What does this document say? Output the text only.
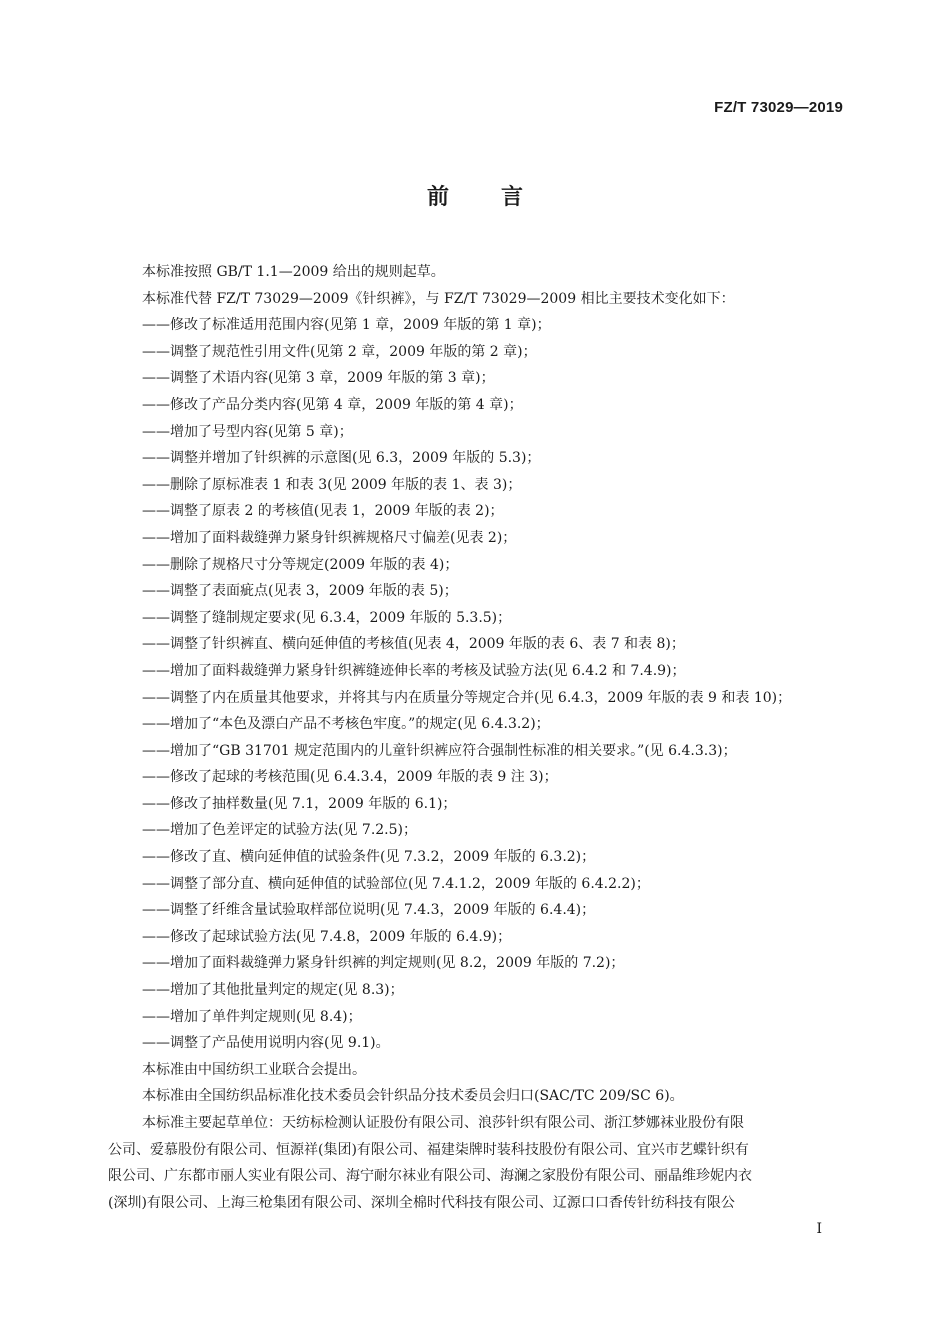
FZ/T 73029—2019
前言

本标准按照 GB/T 1.1—2009 给出的规则起草。

本标准代替 FZ/T 73029—2009《针织裤》，与 FZ/T 73029—2009 相比主要技术变化如下：

——修改了标准适用范围内容(见第 1 章，2009 年版的第 1 章)；

——调整了规范性引用文件(见第 2 章，2009 年版的第 2 章)；

——调整了术语内容(见第 3 章，2009 年版的第 3 章)；

——修改了产品分类内容(见第 4 章，2009 年版的第 4 章)；

——增加了号型内容(见第 5 章)；

——调整并增加了针织裤的示意图(见 6.3，2009 年版的 5.3)；

——删除了原标准表 1 和表 3(见 2009 年版的表 1、表 3)；

——调整了原表 2 的考核值(见表 1，2009 年版的表 2)；

——增加了面料裁缝弹力紧身针织裤规格尺寸偏差(见表 2)；

——删除了规格尺寸分等规定(2009 年版的表 4)；

——调整了表面疵点(见表 3，2009 年版的表 5)；

——调整了缝制规定要求(见 6.3.4，2009 年版的 5.3.5)；

——调整了针织裤直、横向延伸值的考核值(见表 4，2009 年版的表 6、表 7 和表 8)；

——增加了面料裁缝弹力紧身针织裤缝迹伸长率的考核及试验方法(见 6.4.2 和 7.4.9)；

——调整了内在质量其他要求，并将其与内在质量分等规定合并(见 6.4.3，2009 年版的表 9 和表 10)；

——增加了“本色及漂白产品不考核色牢度。”的规定(见 6.4.3.2)；

——增加了“GB 31701 规定范围内的儿童针织裤应符合强制性标准的相关要求。”(见 6.4.3.3)；

——修改了起球的考核范围(见 6.4.3.4，2009 年版的表 9 注 3)；

——修改了抽样数量(见 7.1，2009 年版的 6.1)；

——增加了色差评定的试验方法(见 7.2.5)；

——修改了直、横向延伸值的试验条件(见 7.3.2，2009 年版的 6.3.2)；

——调整了部分直、横向延伸值的试验部位(见 7.4.1.2，2009 年版的 6.4.2.2)；

——调整了纤维含量试验取样部位说明(见 7.4.3，2009 年版的 6.4.4)；

——修改了起球试验方法(见 7.4.8，2009 年版的 6.4.9)；

——增加了面料裁缝弹力紧身针织裤的判定规则(见 8.2，2009 年版的 7.2)；

——增加了其他批量判定的规定(见 8.3)；

——增加了单件判定规则(见 8.4)；

——调整了产品使用说明内容(见 9.1)。

本标准由中国纺织工业联合会提出。

本标准由全国纺织品标准化技术委员会针织品分技术委员会归口(SAC/TC 209/SC 6)。

本标准主要起草单位：天纺标检测认证股份有限公司、浪莎针织有限公司、浙江梦娜袜业股份有限

公司、爱慕股份有限公司、恒源祥(集团)有限公司、福建柒牌时装科技股份有限公司、宜兴市艺蝶针织有

限公司、广东都市丽人实业有限公司、海宁耐尔袜业有限公司、海澜之家股份有限公司、丽晶维珍妮内衣

(深圳)有限公司、上海三枪集团有限公司、深圳全棉时代科技有限公司、辽源口口香传针纺科技有限公

I
